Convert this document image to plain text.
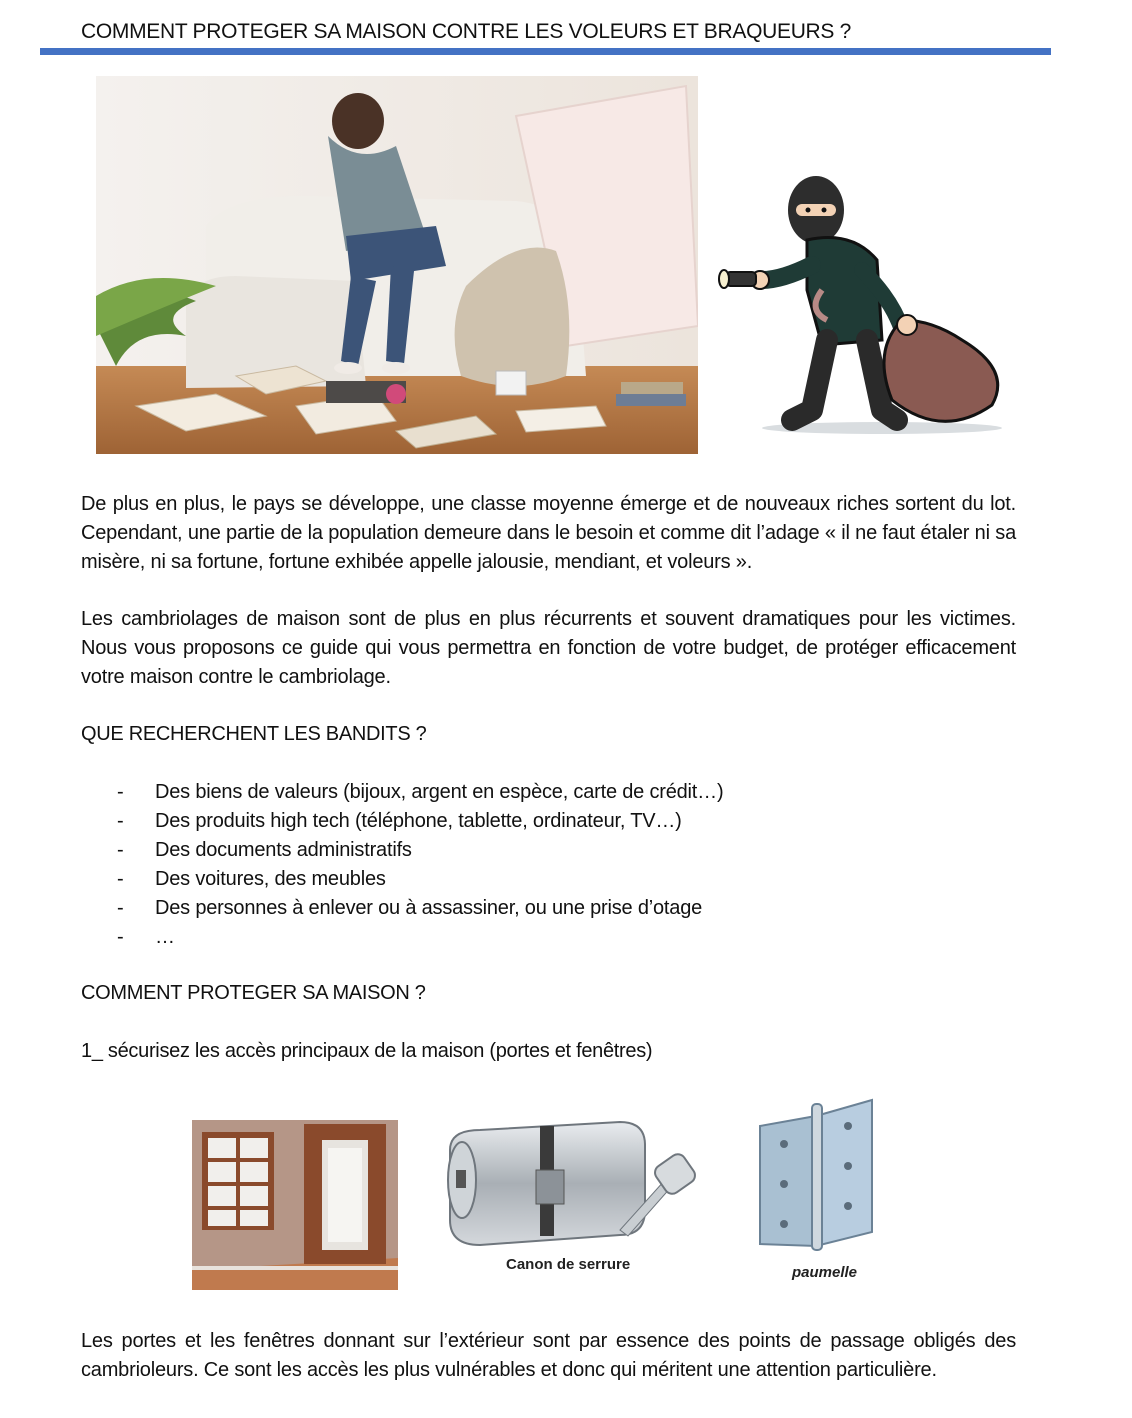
COMMENT PROTEGER SA MAISON CONTRE LES VOLEURS ET BRAQUEURS ?

De plus en plus, le pays se développe, une classe moyenne émerge et de nouveaux riches sortent du lot. Cependant, une partie de la population demeure dans le besoin et comme dit l’adage « il ne faut étaler ni sa misère, ni sa fortune, fortune exhibée appelle jalousie, mendiant, et voleurs ».

Les cambriolages de maison sont de plus en plus récurrents et souvent dramatiques pour les victimes. Nous vous proposons ce guide qui vous permettra en fonction de votre budget, de protéger efficacement votre maison contre le cambriolage.

QUE RECHERCHENT LES BANDITS ?
- Des biens de valeurs (bijoux, argent en espèce, carte de crédit…)
- Des produits high tech (téléphone, tablette, ordinateur, TV…)
- Des documents administratifs
- Des voitures, des meubles
- Des personnes à enlever ou à assassiner, ou une prise d’otage
- …
COMMENT PROTEGER SA MAISON ?
1_ sécurisez les accès principaux de la maison (portes et fenêtres)
Canon de serrure	paumelle

Les portes et les fenêtres donnant sur l’extérieur sont par essence des points de passage obligés des cambrioleurs. Ce sont les accès les plus vulnérables et donc qui méritent une attention particulière.
